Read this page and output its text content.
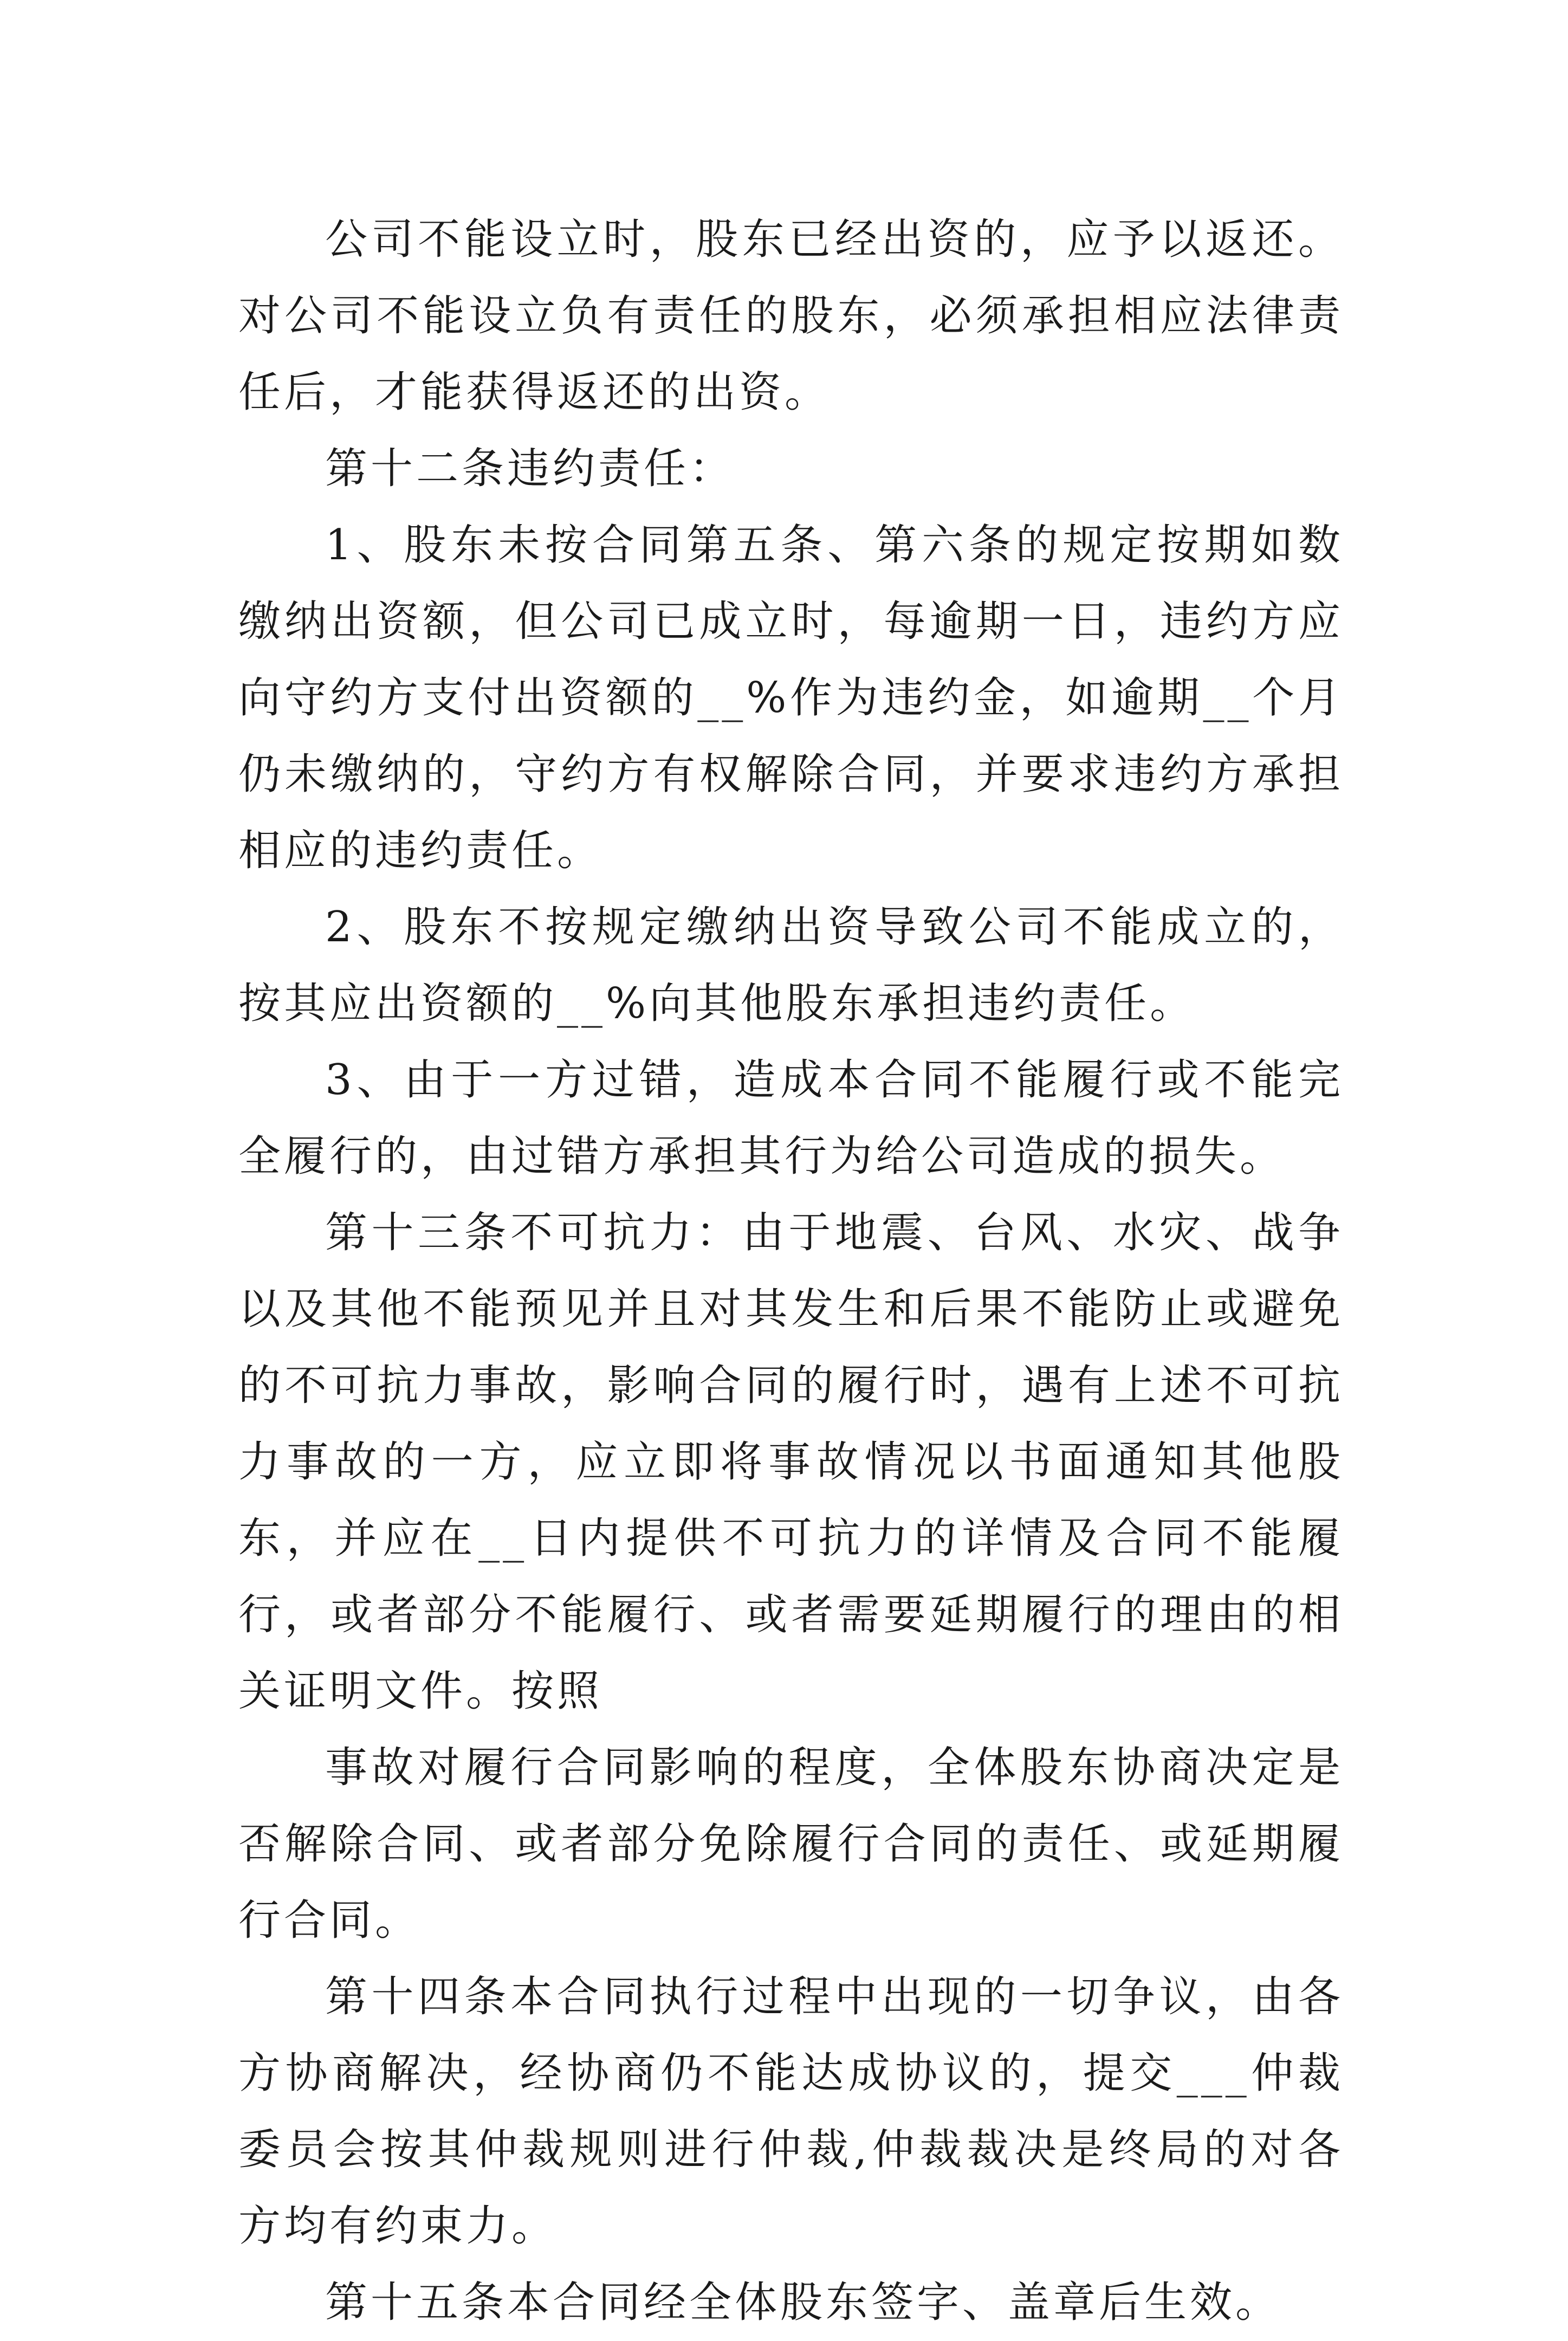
公司不能设立时，股东已经出资的，应予以返还。对公司不能设立负有责任的股东，必须承担相应法律责任后，才能获得返还的出资。

第十二条违约责任：

1、股东未按合同第五条、第六条的规定按期如数缴纳出资额，但公司已成立时，每逾期一日，违约方应向守约方支付出资额的__%作为违约金，如逾期__个月仍未缴纳的，守约方有权解除合同，并要求违约方承担相应的违约责任。

2、股东不按规定缴纳出资导致公司不能成立的，按其应出资额的__%向其他股东承担违约责任。

3、由于一方过错，造成本合同不能履行或不能完全履行的，由过错方承担其行为给公司造成的损失。

第十三条不可抗力：由于地震、台风、水灾、战争以及其他不能预见并且对其发生和后果不能防止或避免的不可抗力事故，影响合同的履行时，遇有上述不可抗力事故的一方，应立即将事故情况以书面通知其他股东，并应在__日内提供不可抗力的详情及合同不能履行，或者部分不能履行、或者需要延期履行的理由的相关证明文件。按照

事故对履行合同影响的程度，全体股东协商决定是否解除合同、或者部分免除履行合同的责任、或延期履行合同。

第十四条本合同执行过程中出现的一切争议，由各方协商解决，经协商仍不能达成协议的，提交___仲裁委员会按其仲裁规则进行仲裁,仲裁裁决是终局的对各方均有约束力。

第十五条本合同经全体股东签字、盖章后生效。
